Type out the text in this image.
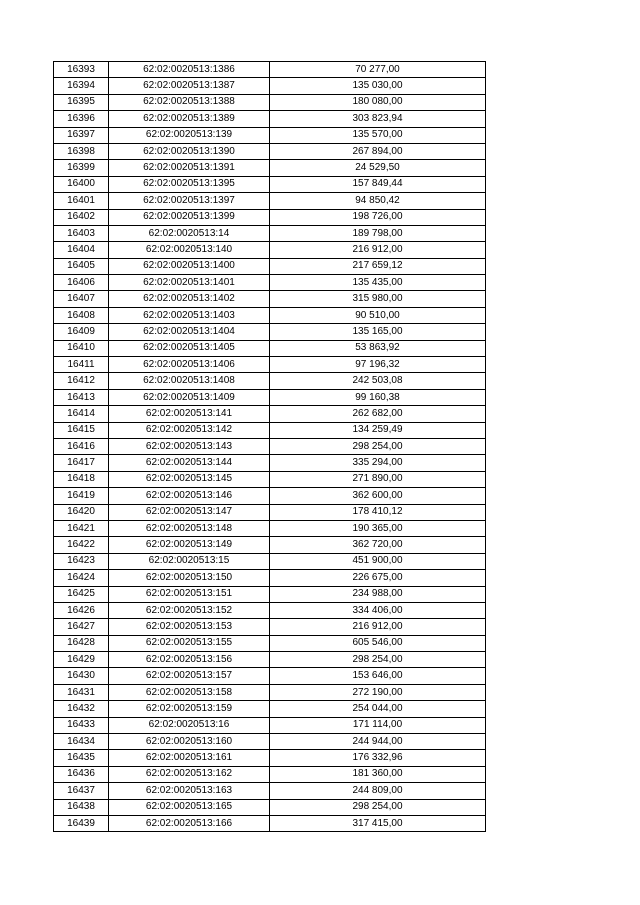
16393	62:02:0020513:1386	70 277,00
16394	62:02:0020513:1387	135 030,00
16395	62:02:0020513:1388	180 080,00
16396	62:02:0020513:1389	303 823,94
16397	62:02:0020513:139	135 570,00
16398	62:02:0020513:1390	267 894,00
16399	62:02:0020513:1391	24 529,50
16400	62:02:0020513:1395	157 849,44
16401	62:02:0020513:1397	94 850,42
16402	62:02:0020513:1399	198 726,00
16403	62:02:0020513:14	189 798,00
16404	62:02:0020513:140	216 912,00
16405	62:02:0020513:1400	217 659,12
16406	62:02:0020513:1401	135 435,00
16407	62:02:0020513:1402	315 980,00
16408	62:02:0020513:1403	90 510,00
16409	62:02:0020513:1404	135 165,00
16410	62:02:0020513:1405	53 863,92
16411	62:02:0020513:1406	97 196,32
16412	62:02:0020513:1408	242 503,08
16413	62:02:0020513:1409	99 160,38
16414	62:02:0020513:141	262 682,00
16415	62:02:0020513:142	134 259,49
16416	62:02:0020513:143	298 254,00
16417	62:02:0020513:144	335 294,00
16418	62:02:0020513:145	271 890,00
16419	62:02:0020513:146	362 600,00
16420	62:02:0020513:147	178 410,12
16421	62:02:0020513:148	190 365,00
16422	62:02:0020513:149	362 720,00
16423	62:02:0020513:15	451 900,00
16424	62:02:0020513:150	226 675,00
16425	62:02:0020513:151	234 988,00
16426	62:02:0020513:152	334 406,00
16427	62:02:0020513:153	216 912,00
16428	62:02:0020513:155	605 546,00
16429	62:02:0020513:156	298 254,00
16430	62:02:0020513:157	153 646,00
16431	62:02:0020513:158	272 190,00
16432	62:02:0020513:159	254 044,00
16433	62:02:0020513:16	171 114,00
16434	62:02:0020513:160	244 944,00
16435	62:02:0020513:161	176 332,96
16436	62:02:0020513:162	181 360,00
16437	62:02:0020513:163	244 809,00
16438	62:02:0020513:165	298 254,00
16439	62:02:0020513:166	317 415,00
